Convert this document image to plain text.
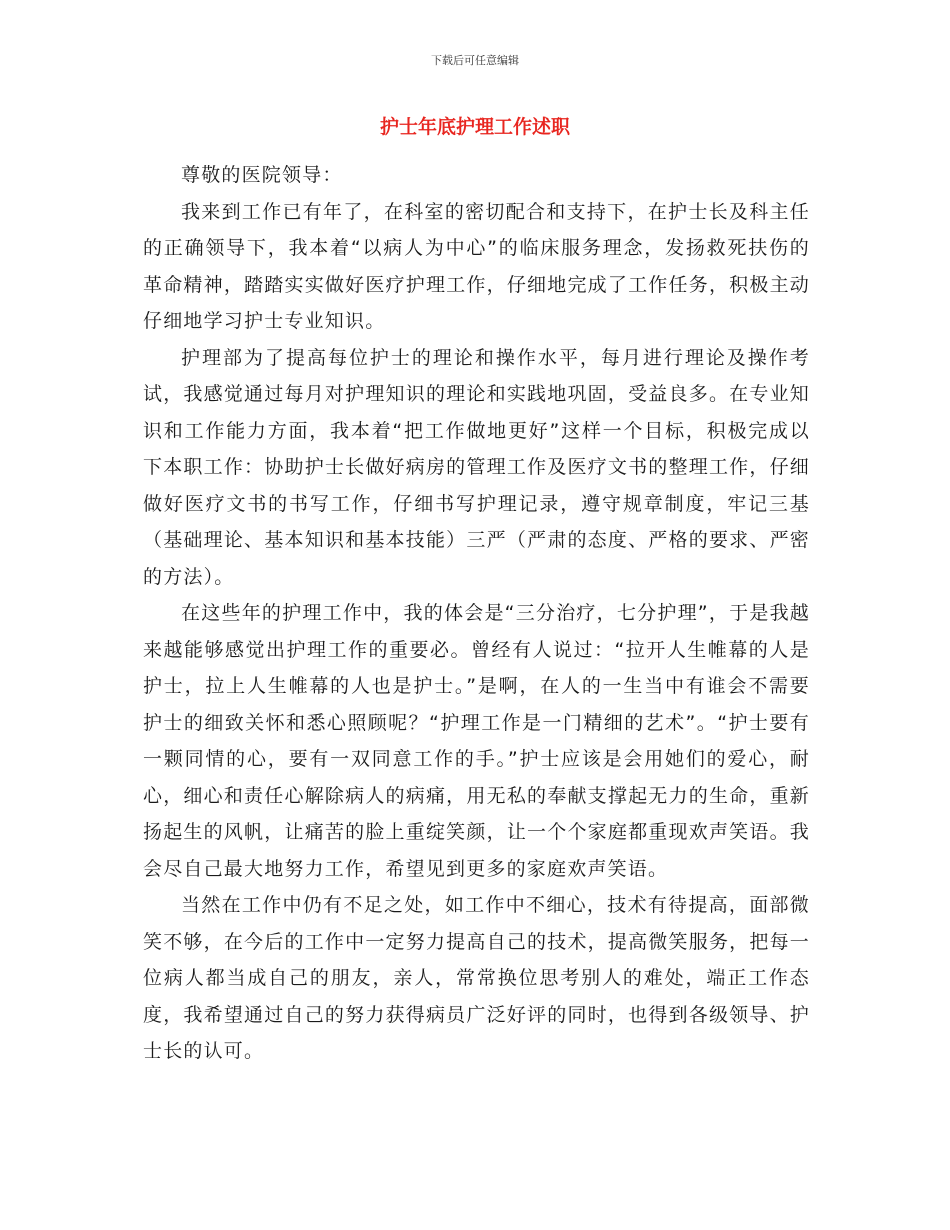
下载后可任意编辑
护士年底护理工作述职

尊敬的医院领导：

我来到工作已有年了，在科室的密切配合和支持下，在护士长及科主任的正确领导下，我本着“以病人为中心”的临床服务理念，发扬救死扶伤的革命精神，踏踏实实做好医疗护理工作，仔细地完成了工作任务，积极主动仔细地学习护士专业知识。

护理部为了提高每位护士的理论和操作水平，每月进行理论及操作考试，我感觉通过每月对护理知识的理论和实践地巩固，受益良多。在专业知识和工作能力方面，我本着“把工作做地更好”这样一个目标，积极完成以下本职工作：协助护士长做好病房的管理工作及医疗文书的整理工作，仔细做好医疗文书的书写工作，仔细书写护理记录，遵守规章制度，牢记三基（基础理论、基本知识和基本技能）三严（严肃的态度、严格的要求、严密的方法）。

在这些年的护理工作中，我的体会是“三分治疗，七分护理”，于是我越来越能够感觉出护理工作的重要必。曾经有人说过：“拉开人生帷幕的人是护士，拉上人生帷幕的人也是护士。”是啊，在人的一生当中有谁会不需要护士的细致关怀和悉心照顾呢？“护理工作是一门精细的艺术”。“护士要有一颗同情的心，要有一双同意工作的手。”护士应该是会用她们的爱心，耐心，细心和责任心解除病人的病痛，用无私的奉献支撑起无力的生命，重新扬起生的风帆，让痛苦的脸上重绽笑颜，让一个个家庭都重现欢声笑语。我会尽自己最大地努力工作，希望见到更多的家庭欢声笑语。

当然在工作中仍有不足之处，如工作中不细心，技术有待提高，面部微笑不够，在今后的工作中一定努力提高自己的技术，提高微笑服务，把每一位病人都当成自己的朋友，亲人，常常换位思考别人的难处，端正工作态度，我希望通过自己的努力获得病员广泛好评的同时，也得到各级领导、护士长的认可。
